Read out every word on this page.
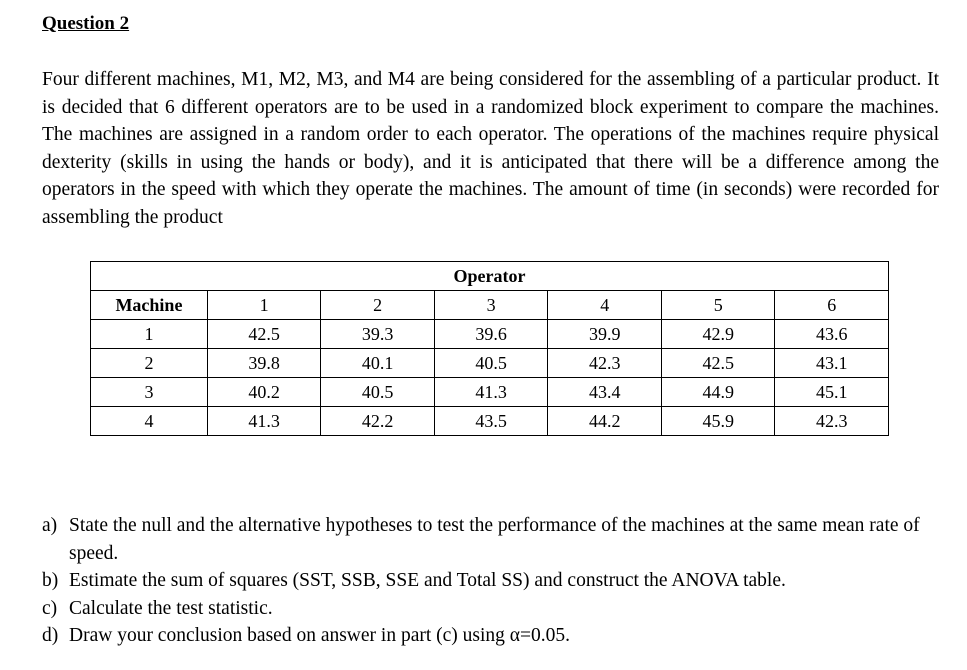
Question 2

Four different machines, M1, M2, M3, and M4 are being considered for the assembling of a particular product. It is decided that 6 different operators are to be used in a randomized block experiment to compare the machines. The machines are assigned in a random order to each operator. The operations of the machines require physical dexterity (skills in using the hands or body), and it is anticipated that there will be a difference among the operators in the speed with which they operate the machines. The amount of time (in seconds) were recorded for assembling the product

Operator						
Machine	1	2	3	4	5	6
1	42.5	39.3	39.6	39.9	42.9	43.6
2	39.8	40.1	40.5	42.3	42.5	43.1
3	40.2	40.5	41.3	43.4	44.9	45.1
4	41.3	42.2	43.5	44.2	45.9	42.3
a) State the null and the alternative hypotheses to test the performance of the machines at the same mean rate of speed.
b) Estimate the sum of squares (SST, SSB, SSE and Total SS) and construct the ANOVA table.
c) Calculate the test statistic.
d) Draw your conclusion based on answer in part (c) using α=0.05.
